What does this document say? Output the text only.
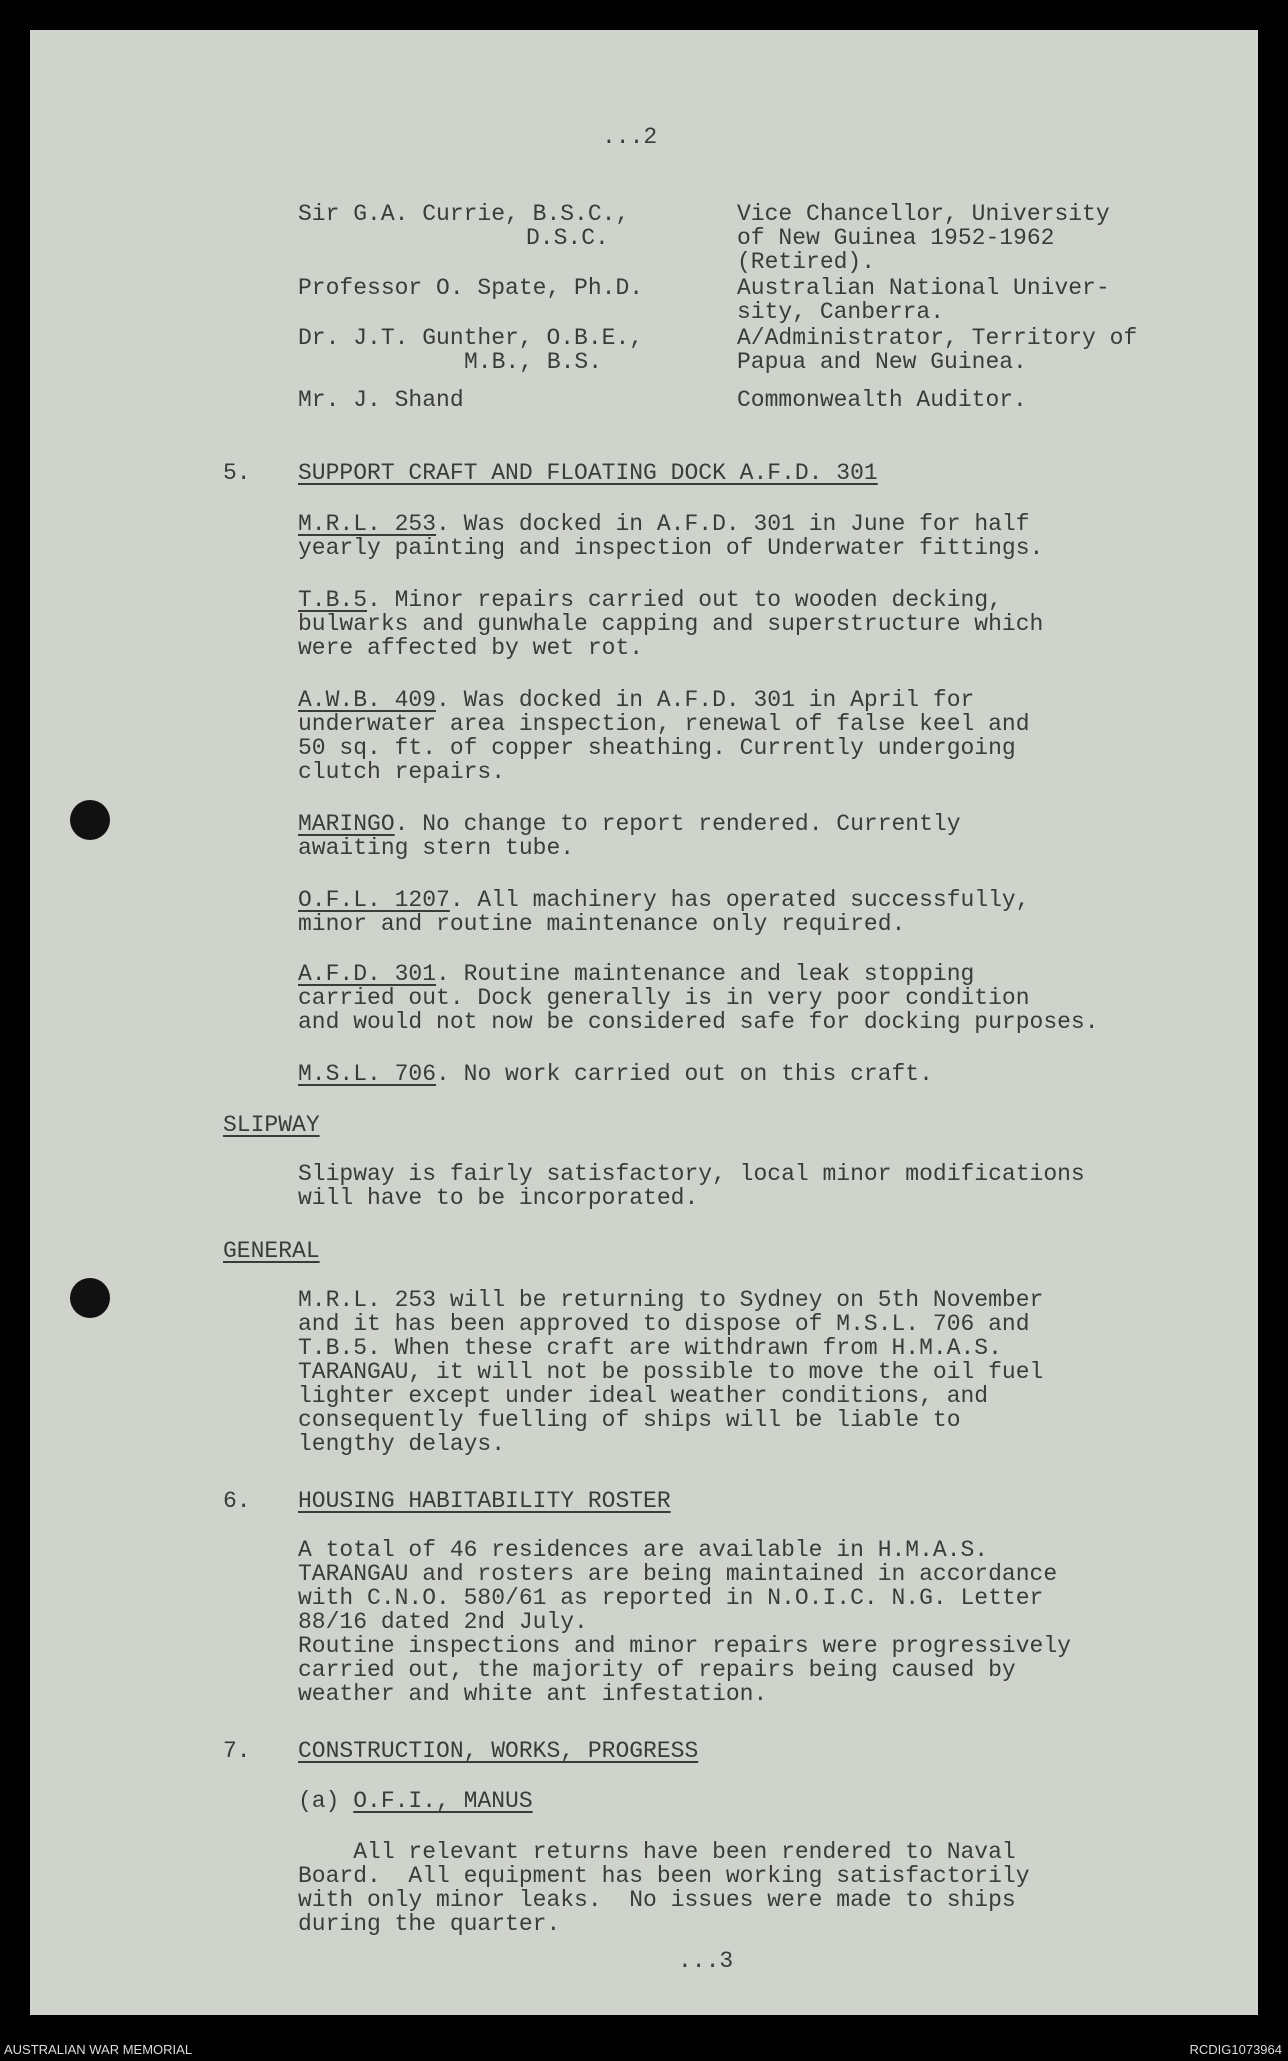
...2
Sir G.A. Currie, B.S.C.,
D.S.C.
Professor O. Spate, Ph.D.
Dr. J.T. Gunther, O.B.E.,
M.B., B.S.
Mr. J. Shand
Vice Chancellor, University
of New Guinea 1952-1962
(Retired).
Australian National Univer-
sity, Canberra.
A/Administrator, Territory of
Papua and New Guinea.
Commonwealth Auditor.
5. SUPPORT CRAFT AND FLOATING DOCK A.F.D. 301
M.R.L. 253. Was docked in A.F.D. 301 in June for half
yearly painting and inspection of Underwater fittings.
T.B.5. Minor repairs carried out to wooden decking,
bulwarks and gunwhale capping and superstructure which
were affected by wet rot.
A.W.B. 409. Was docked in A.F.D. 301 in April for
underwater area inspection, renewal of false keel and
50 sq. ft. of copper sheathing. Currently undergoing
clutch repairs.
MARINGO. No change to report rendered. Currently
awaiting stern tube.
O.F.L. 1207. All machinery has operated successfully,
minor and routine maintenance only required.
A.F.D. 301. Routine maintenance and leak stopping
carried out. Dock generally is in very poor condition
and would not now be considered safe for docking purposes.
M.S.L. 706. No work carried out on this craft.
SLIPWAY
Slipway is fairly satisfactory, local minor modifications
will have to be incorporated.
GENERAL
M.R.L. 253 will be returning to Sydney on 5th November
and it has been approved to dispose of M.S.L. 706 and
T.B.5. When these craft are withdrawn from H.M.A.S.
TARANGAU, it will not be possible to move the oil fuel
lighter except under ideal weather conditions, and
consequently fuelling of ships will be liable to
lengthy delays.
6. HOUSING HABITABILITY ROSTER
A total of 46 residences are available in H.M.A.S.
TARANGAU and rosters are being maintained in accordance
with C.N.O. 580/61 as reported in N.O.I.C. N.G. Letter
88/16 dated 2nd July.
Routine inspections and minor repairs were progressively
carried out, the majority of repairs being caused by
weather and white ant infestation.
7. CONSTRUCTION, WORKS, PROGRESS
(a) O.F.I., MANUS
All relevant returns have been rendered to Naval
Board.  All equipment has been working satisfactorily
with only minor leaks.  No issues were made to ships
during the quarter.
...3
AUSTRALIAN WAR MEMORIAL	RCDIG1073964
